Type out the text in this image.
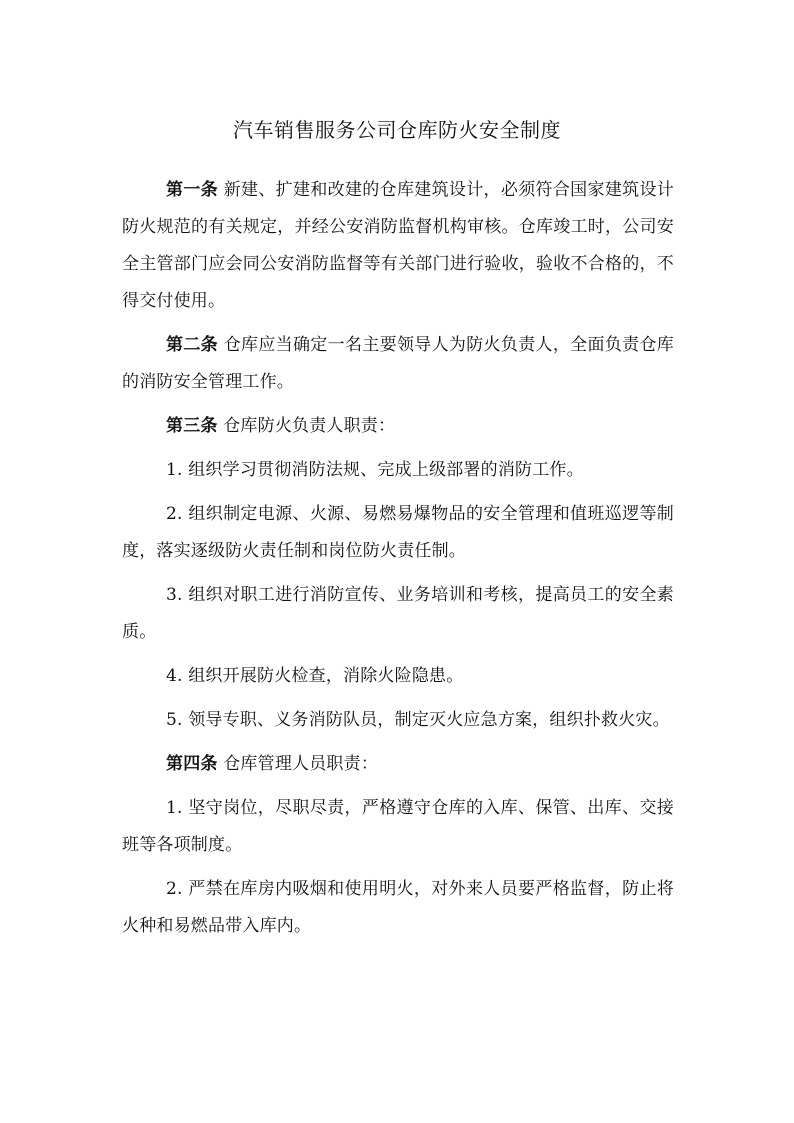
汽车销售服务公司仓库防火安全制度

第一条 新建、扩建和改建的仓库建筑设计，必须符合国家建筑设计防火规范的有关规定，并经公安消防监督机构审核。仓库竣工时，公司安全主管部门应会同公安消防监督等有关部门进行验收，验收不合格的，不得交付使用。

第二条 仓库应当确定一名主要领导人为防火负责人，全面负责仓库的消防安全管理工作。

第三条 仓库防火负责人职责：

1. 组织学习贯彻消防法规、完成上级部署的消防工作。

2. 组织制定电源、火源、易燃易爆物品的安全管理和值班巡逻等制度，落实逐级防火责任制和岗位防火责任制。

3. 组织对职工进行消防宣传、业务培训和考核，提高员工的安全素质。

4. 组织开展防火检查，消除火险隐患。

5. 领导专职、义务消防队员，制定灭火应急方案，组织扑救火灾。

第四条 仓库管理人员职责：

1. 坚守岗位，尽职尽责，严格遵守仓库的入库、保管、出库、交接班等各项制度。

2. 严禁在库房内吸烟和使用明火，对外来人员要严格监督，防止将火种和易燃品带入库内。
